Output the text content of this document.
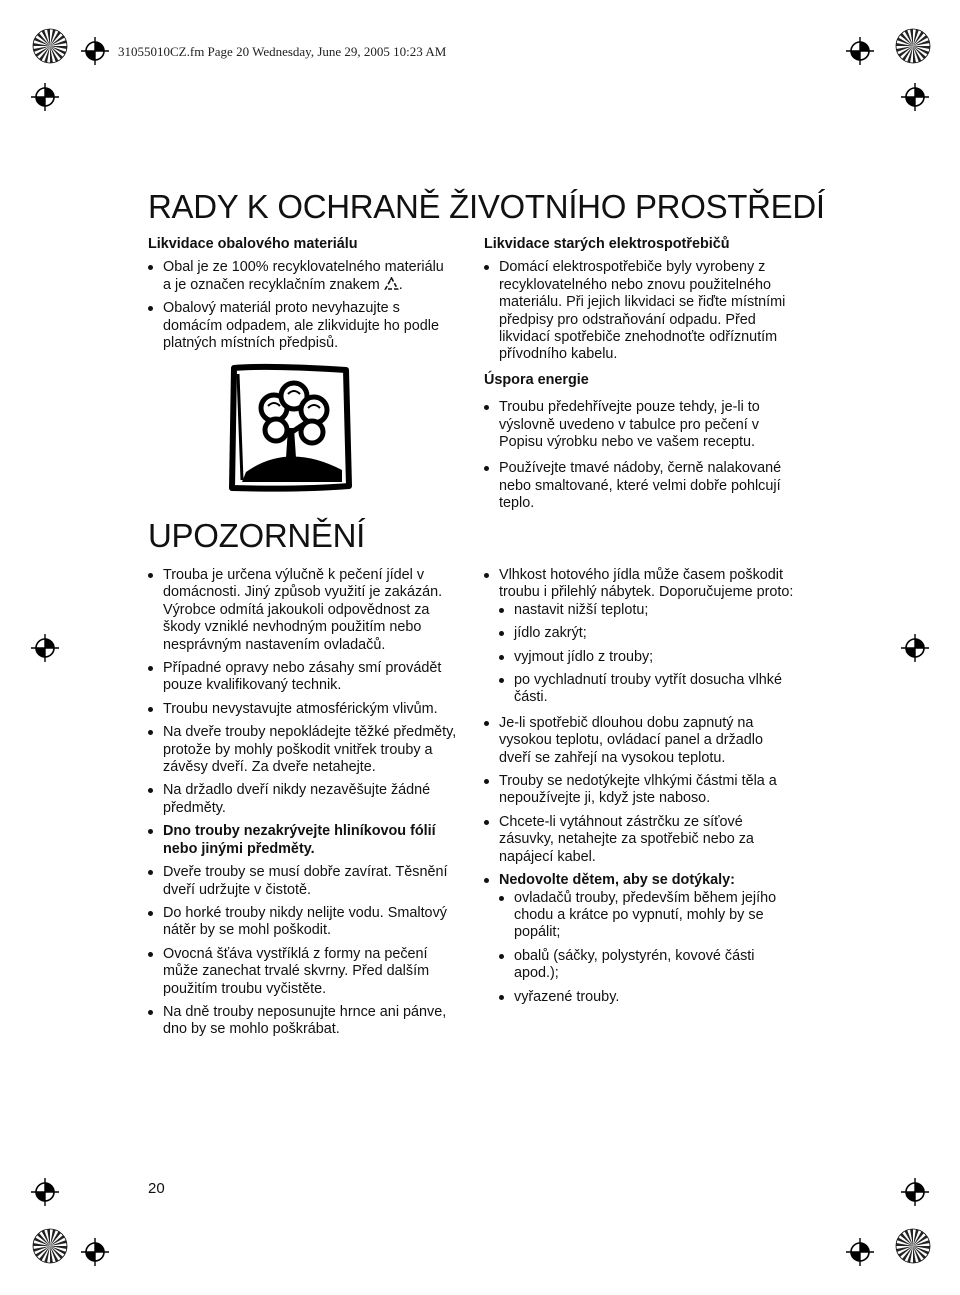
31055010CZ.fm Page 20 Wednesday, June 29, 2005 10:23 AM
RADY K OCHRANĚ ŽIVOTNÍHO PROSTŘEDÍ
Likvidace obalového materiálu
Obal je ze 100% recyklovatelného materiálu a je označen recyklačním znakem .
Obalový materiál proto nevyhazujte s domácím odpadem, ale zlikvidujte ho podle platných místních předpisů.
Likvidace starých elektrospotřebičů
Domácí elektrospotřebiče byly vyrobeny z recyklovatelného nebo znovu použitelného materiálu. Při jejich likvidaci se řiďte místními předpisy pro odstraňování odpadu. Před likvidací spotřebiče znehodnoťte odříznutím přívodního kabelu.
Úspora energie
Troubu předehřívejte pouze tehdy, je-li to výslovně uvedeno v tabulce pro pečení v Popisu výrobku nebo ve vašem receptu.
Používejte tmavé nádoby, černě nalakované nebo smaltované, které velmi dobře pohlcují teplo.
UPOZORNĚNÍ
Trouba je určena výlučně k pečení jídel v domácnosti. Jiný způsob využití je zakázán. Výrobce odmítá jakoukoli odpovědnost za škody vzniklé nevhodným použitím nebo nesprávným nastavením ovladačů.
Případné opravy nebo zásahy smí provádět pouze kvalifikovaný technik.
Troubu nevystavujte atmosférickým vlivům.
Na dveře trouby nepokládejte těžké předměty, protože by mohly poškodit vnitřek trouby a závěsy dveří. Za dveře netahejte.
Na držadlo dveří nikdy nezavěšujte žádné předměty.
Dno trouby nezakrývejte hliníkovou fólií nebo jinými předměty.
Dveře trouby se musí dobře zavírat. Těsnění dveří udržujte v čistotě.
Do horké trouby nikdy nelijte vodu. Smaltový nátěr by se mohl poškodit.
Ovocná šťáva vystříklá z formy na pečení může zanechat trvalé skvrny. Před dalším použitím troubu vyčistěte.
Na dně trouby neposunujte hrnce ani pánve, dno by se mohlo poškrábat.
Vlhkost hotového jídla může časem poškodit troubu i přilehlý nábytek. Doporučujeme proto:
nastavit nižší teplotu;
jídlo zakrýt;
vyjmout jídlo z trouby;
po vychladnutí trouby vytřít dosucha vlhké části.
Je-li spotřebič dlouhou dobu zapnutý na vysokou teplotu, ovládací panel a držadlo dveří se zahřejí na vysokou teplotu.
Trouby se nedotýkejte vlhkými částmi těla a nepoužívejte ji, když jste naboso.
Chcete-li vytáhnout zástrčku ze síťové zásuvky, netahejte za spotřebič nebo za napájecí kabel.
Nedovolte dětem, aby se dotýkaly:
ovladačů trouby, především během jejího chodu a krátce po vypnutí, mohly by se popálit;
obalů (sáčky, polystyrén, kovové části apod.);
vyřazené trouby.
20
